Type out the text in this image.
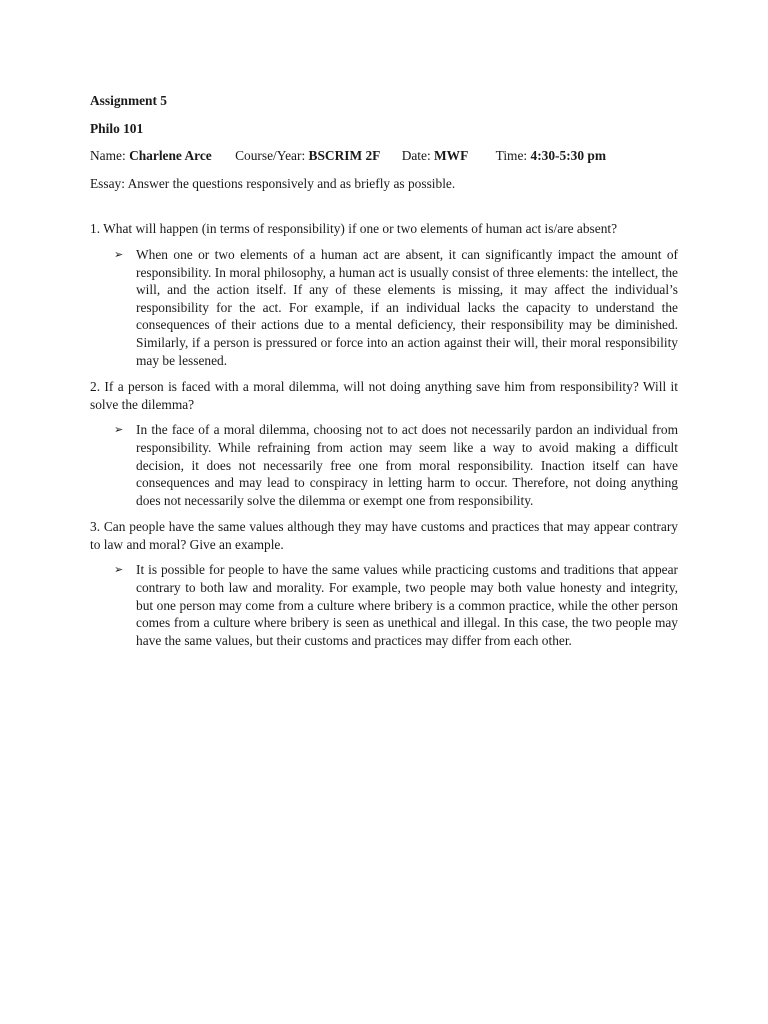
Assignment 5
Philo 101
Name: Charlene Arce Course/Year: BSCRIM 2F Date: MWF Time: 4:30-5:30 pm
Essay: Answer the questions responsively and as briefly as possible.
1. What will happen (in terms of responsibility) if one or two elements of human act is/are absent?
➢ When one or two elements of a human act are absent, it can significantly impact the amount of responsibility. In moral philosophy, a human act is usually consist of three elements: the intellect, the will, and the action itself. If any of these elements is missing, it may affect the individual’s responsibility for the act. For example, if an individual lacks the capacity to understand the consequences of their actions due to a mental deficiency, their responsibility may be diminished. Similarly, if a person is pressured or force into an action against their will, their moral responsibility may be lessened.
2. If a person is faced with a moral dilemma, will not doing anything save him from responsibility? Will it solve the dilemma?
➢ In the face of a moral dilemma, choosing not to act does not necessarily pardon an individual from responsibility. While refraining from action may seem like a way to avoid making a difficult decision, it does not necessarily free one from moral responsibility. Inaction itself can have consequences and may lead to conspiracy in letting harm to occur. Therefore, not doing anything does not necessarily solve the dilemma or exempt one from responsibility.
3. Can people have the same values although they may have customs and practices that may appear contrary to law and moral? Give an example.
➢ It is possible for people to have the same values while practicing customs and traditions that appear contrary to both law and morality. For example, two people may both value honesty and integrity, but one person may come from a culture where bribery is a common practice, while the other person comes from a culture where bribery is seen as unethical and illegal. In this case, the two people may have the same values, but their customs and practices may differ from each other.
